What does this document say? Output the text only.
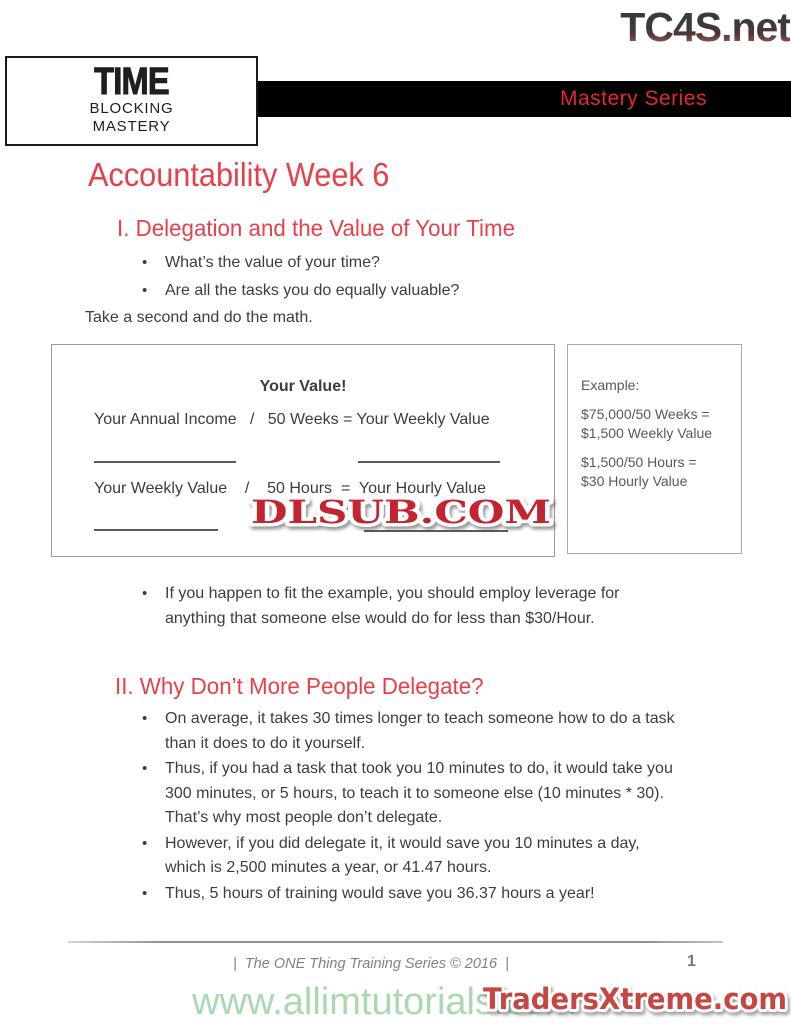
TC4S.net
Mastery Series
TIME
BLOCKING
MASTERY
Accountability Week 6
I. Delegation and the Value of Your Time
• What’s the value of your time?
• Are all the tasks you do equally valuable?
Take a second and do the math.
Your Value!
Your Annual Income   /   50 Weeks = Your Weekly Value
Your Weekly Value    /    50 Hours  =  Your Hourly Value
Example:
$75,000/50 Weeks =
$1,500 Weekly Value
$1,500/50 Hours =
$30 Hourly Value
DLSUB.COM
• If you happen to fit the example, you should employ leverage for
anything that someone else would do for less than $30/Hour.
II. Why Don’t More People Delegate?
• On average, it takes 30 times longer to teach someone how to do a task
than it does to do it yourself.
• Thus, if you had a task that took you 10 minutes to do, it would take you
300 minutes, or 5 hours, to teach it to someone else (10 minutes * 30).
That’s why most people don’t delegate.
• However, if you did delegate it, it would save you 10 minutes a day,
which is 2,500 minutes a year, or 41.47 hours.
• Thus, 5 hours of training would save you 36.37 hours a year!
|  The ONE Thing Training Series © 2016  |	1
www.allimtutorials.com
TradersXtreme.com
